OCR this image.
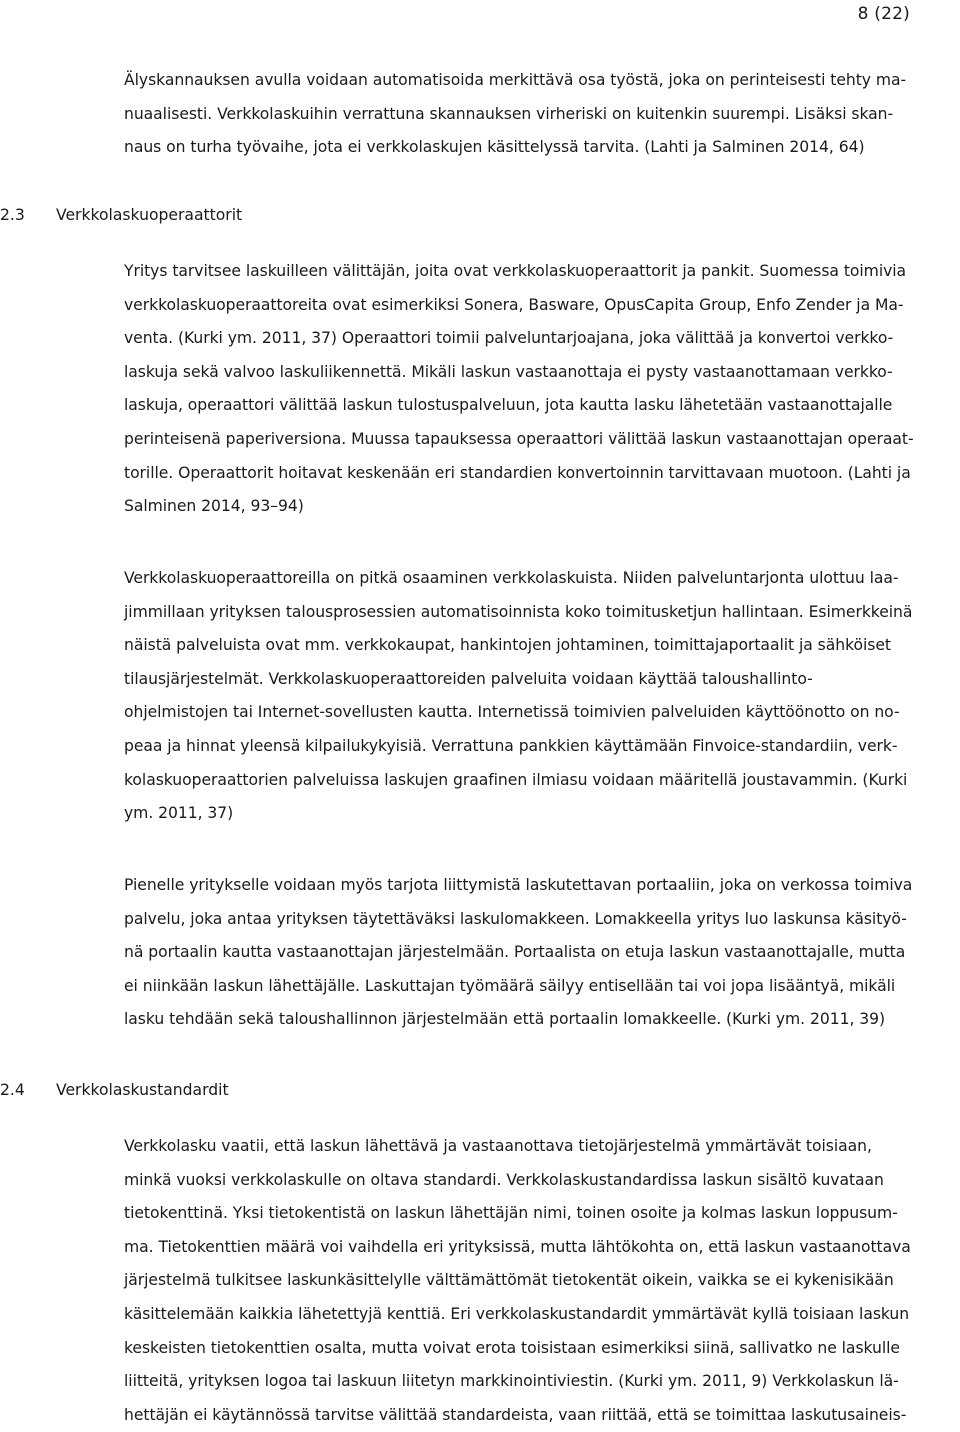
8 (22)
Älyskannauksen avulla voidaan automatisoida merkittävä osa työstä, joka on perinteisesti tehty ma-
nuaalisesti. Verkkolaskuihin verrattuna skannauksen virheriski on kuitenkin suurempi. Lisäksi skan-
naus on turha työvaihe, jota ei verkkolaskujen käsittelyssä tarvita. (Lahti ja Salminen 2014, 64)
2.3 Verkkolaskuoperaattorit
Yritys tarvitsee laskuilleen välittäjän, joita ovat verkkolaskuoperaattorit ja pankit. Suomessa toimivia
verkkolaskuoperaattoreita ovat esimerkiksi Sonera, Basware, OpusCapita Group, Enfo Zender ja Ma-
venta. (Kurki ym. 2011, 37) Operaattori toimii palveluntarjoajana, joka välittää ja konvertoi verkko-
laskuja sekä valvoo laskuliikennettä. Mikäli laskun vastaanottaja ei pysty vastaanottamaan verkko-
laskuja, operaattori välittää laskun tulostuspalveluun, jota kautta lasku lähetetään vastaanottajalle
perinteisenä paperiversiona. Muussa tapauksessa operaattori välittää laskun vastaanottajan operaat-
torille. Operaattorit hoitavat keskenään eri standardien konvertoinnin tarvittavaan muotoon. (Lahti ja
Salminen 2014, 93–94)
Verkkolaskuoperaattoreilla on pitkä osaaminen verkkolaskuista. Niiden palveluntarjonta ulottuu laa-
jimmillaan yrityksen talousprosessien automatisoinnista koko toimitusketjun hallintaan. Esimerkkeinä
näistä palveluista ovat mm. verkkokaupat, hankintojen johtaminen, toimittajaportaalit ja sähköiset
tilausjärjestelmät. Verkkolaskuoperaattoreiden palveluita voidaan käyttää taloushallinto-
ohjelmistojen tai Internet-sovellusten kautta. Internetissä toimivien palveluiden käyttöönotto on no-
peaa ja hinnat yleensä kilpailukykyisiä. Verrattuna pankkien käyttämään Finvoice-standardiin, verk-
kolaskuoperaattorien palveluissa laskujen graafinen ilmiasu voidaan määritellä joustavammin. (Kurki
ym. 2011, 37)
Pienelle yritykselle voidaan myös tarjota liittymistä laskutettavan portaaliin, joka on verkossa toimiva
palvelu, joka antaa yrityksen täytettäväksi laskulomakkeen. Lomakkeella yritys luo laskunsa käsityö-
nä portaalin kautta vastaanottajan järjestelmään. Portaalista on etuja laskun vastaanottajalle, mutta
ei niinkään laskun lähettäjälle. Laskuttajan työmäärä säilyy entisellään tai voi jopa lisääntyä, mikäli
lasku tehdään sekä taloushallinnon järjestelmään että portaalin lomakkeelle. (Kurki ym. 2011, 39)
2.4 Verkkolaskustandardit
Verkkolasku vaatii, että laskun lähettävä ja vastaanottava tietojärjestelmä ymmärtävät toisiaan,
minkä vuoksi verkkolaskulle on oltava standardi. Verkkolaskustandardissa laskun sisältö kuvataan
tietokenttinä. Yksi tietokentistä on laskun lähettäjän nimi, toinen osoite ja kolmas laskun loppusum-
ma. Tietokenttien määrä voi vaihdella eri yrityksissä, mutta lähtökohta on, että laskun vastaanottava
järjestelmä tulkitsee laskunkäsittelylle välttämättömät tietokentät oikein, vaikka se ei kykenisikään
käsittelemään kaikkia lähetettyjä kenttiä. Eri verkkolaskustandardit ymmärtävät kyllä toisiaan laskun
keskeisten tietokenttien osalta, mutta voivat erota toisistaan esimerkiksi siinä, sallivatko ne laskulle
liitteitä, yrityksen logoa tai laskuun liitetyn markkinointiviestin. (Kurki ym. 2011, 9) Verkkolaskun lä-
hettäjän ei käytännössä tarvitse välittää standardeista, vaan riittää, että se toimittaa laskutusaineis-
